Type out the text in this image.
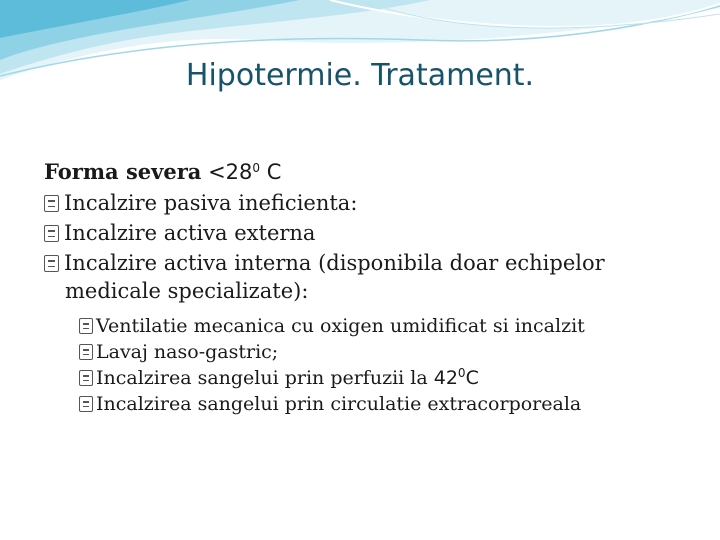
Hipotermie. Tratament.

Forma severa $<28^0$ C

Incalzire pasiva ineficienta:
Incalzire activa externa
Incalzire activa interna (disponibila doar echipelor medicale specializate):
Ventilatie mecanica cu oxigen umidificat si incalzit
Lavaj naso-gastric;
Incalzirea sangelui prin perfuzii la $42^0C$
Incalzirea sangelui prin circulatie extracorporeala
